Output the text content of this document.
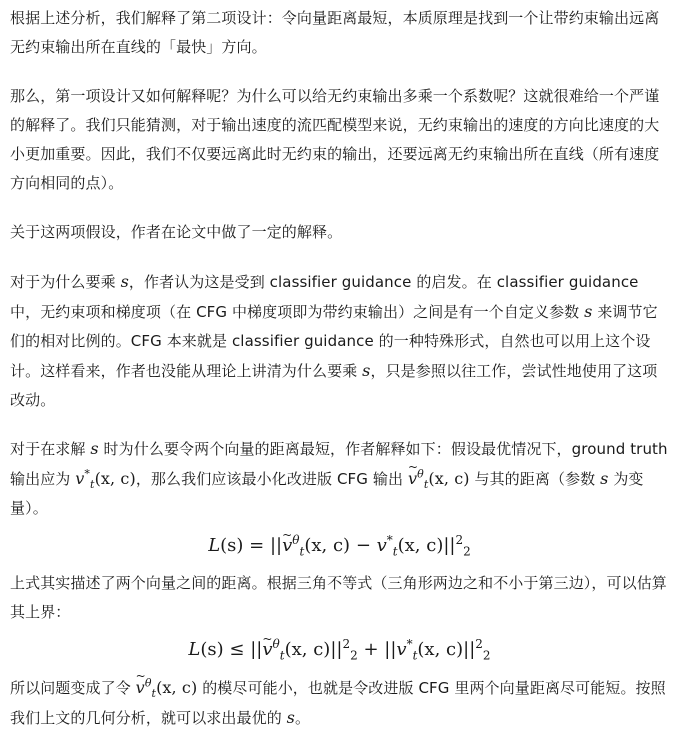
根据上述分析，我们解释了第二项设计：令向量距离最短，本质原理是找到一个让带约束输出远离无约束输出所在直线的「最快」方向。

那么，第一项设计又如何解释呢？为什么可以给无约束输出多乘一个系数呢？这就很难给一个严谨的解释了。我们只能猜测，对于输出速度的流匹配模型来说，无约束输出的速度的方向比速度的大小更加重要。因此，我们不仅要远离此时无约束的输出，还要远离无约束输出所在直线（所有速度方向相同的点）。

关于这两项假设，作者在论文中做了一定的解释。

对于为什么要乘 s，作者认为这是受到 classifier guidance 的启发。在 classifier guidance 中，无约束项和梯度项（在 CFG 中梯度项即为带约束输出）之间是有一个自定义参数 s 来调节它们的相对比例的。CFG 本来就是 classifier guidance 的一种特殊形式，自然也可以用上这个设计。这样看来，作者也没能从理论上讲清为什么要乘 s，只是参照以往工作，尝试性地使用了这项改动。

对于在求解 s 时为什么要令两个向量的距离最短，作者解释如下：假设最优情况下，ground truth 输出应为 $v^*_t(x$, c)，那么我们应该最小化改进版 CFG 输出 ~ $v^\theta_t(x$, c) 与其的距离（参数 s 为变量）。

L(s) = ||~ $v^\theta_t(x$, $c) - v^*_t(x$, $c)||^2_2$

上式其实描述了两个向量之间的距离。根据三角不等式（三角形两边之和不小于第三边），可以估算其上界：

L(s) ≤ ||~ $v^\theta_t(x$, $c)||^2_2 + ||v^*_t(x$, $c)||^2_2$

所以问题变成了令 ~ $v^\theta_t(x$, c) 的模尽可能小，也就是令改进版 CFG 里两个向量距离尽可能短。按照我们上文的几何分析，就可以求出最优的 s。
